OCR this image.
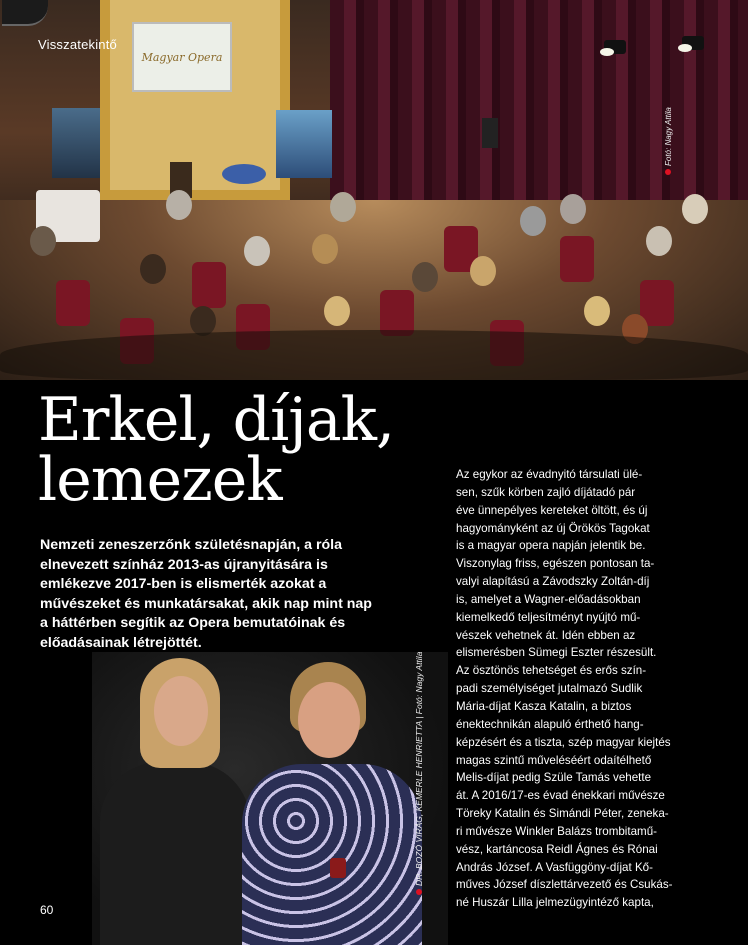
Magyar Opera
Visszatekintő
Fotó: Nagy Attila
Erkel, díjak,
lemezek

Nemzeti zeneszerzőnk születésnapján, a róla elnevezett színház 2013-as újranyitására is emlékezve 2017-ben is elismerték azokat a művészeket és munkatársakat, akik nap mint nap a háttérben segítik az Opera bemutatóinak és előadásainak létrejöttét.

Az egykor az évadnyitó társulati ülé-
sen, szűk körben zajló díjátadó pár
éve ünnepélyes kereteket öltött, és új
hagyományként az új Örökös Tagokat
is a magyar opera napján jelentik be.
Viszonylag friss, egészen pontosan ta-
valyi alapítású a Závodszky Zoltán-díj
is, amelyet a Wagner-előadásokban
kiemelkedő teljesítményt nyújtó mű-
vészek vehetnek át. Idén ebben az
elismerésben Sümegi Eszter részesült.
Az ösztönös tehetséget és erős szín-
padi személyiséget jutalmazó Sudlik
Mária-díjat Kasza Katalin, a biztos
énektechnikán alapuló érthető hang-
képzésért és a tiszta, szép magyar kiejtés
magas szintű műveléséért odaítélhető
Melis-díjat pedig Szüle Tamás vehette
át. A 2016/17-es évad énekkari művésze
Töreky Katalin és Simándi Péter, zeneka-
ri művésze Winkler Balázs trombitamű-
vész, kartáncosa Reidl Ágnes és Rónai
András József. A Vasfüggöny-díjat Kő-
műves József díszlettárvezető és Csukás-
né Huszár Lilla jelmezügyintéző kapta,
DR. BOZÓ VIRÁG, KEMERLE HENRIETTA | Fotó: Nagy Attila
60
